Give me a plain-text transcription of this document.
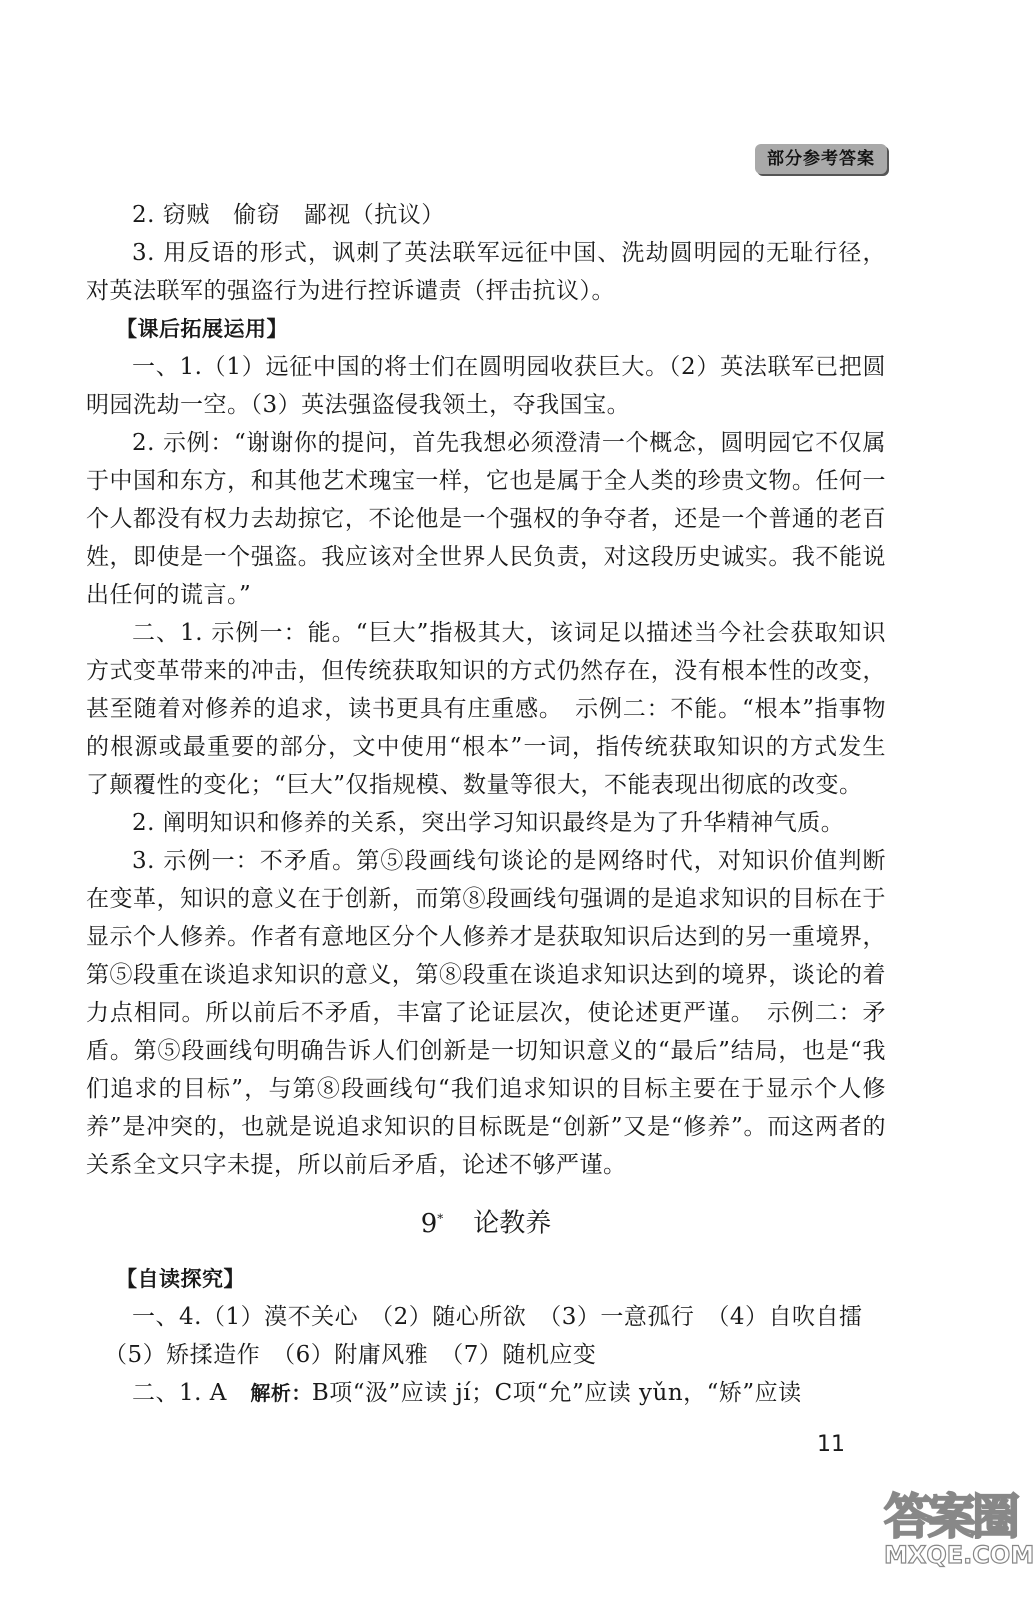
部分参考答案

2. 窃贼　偷窃　鄙视（抗议）

3. 用反语的形式，讽刺了英法联军远征中国、洗劫圆明园的无耻行径，对英法联军的强盗行为进行控诉谴责（抨击抗议）。

【课后拓展运用】

一、1.（1）远征中国的将士们在圆明园收获巨大。（2）英法联军已把圆明园洗劫一空。（3）英法强盗侵我领土，夺我国宝。

2. 示例：“谢谢你的提问，首先我想必须澄清一个概念，圆明园它不仅属于中国和东方，和其他艺术瑰宝一样，它也是属于全人类的珍贵文物。任何一个人都没有权力去劫掠它，不论他是一个强权的争夺者，还是一个普通的老百姓，即使是一个强盗。我应该对全世界人民负责，对这段历史诚实。我不能说出任何的谎言。”

二、1. 示例一：能。“巨大”指极其大，该词足以描述当今社会获取知识方式变革带来的冲击，但传统获取知识的方式仍然存在，没有根本性的改变，甚至随着对修养的追求，读书更具有庄重感。　示例二：不能。“根本”指事物的根源或最重要的部分，文中使用“根本”一词，指传统获取知识的方式发生了颠覆性的变化；“巨大”仅指规模、数量等很大，不能表现出彻底的改变。

2. 阐明知识和修养的关系，突出学习知识最终是为了升华精神气质。

3. 示例一：不矛盾。第⑤段画线句谈论的是网络时代，对知识价值判断在变革，知识的意义在于创新，而第⑧段画线句强调的是追求知识的目标在于显示个人修养。作者有意地区分个人修养才是获取知识后达到的另一重境界，第⑤段重在谈追求知识的意义，第⑧段重在谈追求知识达到的境界，谈论的着力点相同。所以前后不矛盾，丰富了论证层次，使论述更严谨。　示例二：矛盾。第⑤段画线句明确告诉人们创新是一切知识意义的“最后”结局，也是“我们追求的目标”，与第⑧段画线句“我们追求知识的目标主要在于显示个人修养”是冲突的，也就是说追求知识的目标既是“创新”又是“修养”。而这两者的关系全文只字未提，所以前后矛盾，论述不够严谨。

9* 论教养

【自读探究】

一、4.（1）漠不关心　（2）随心所欲　（3）一意孤行　（4）自吹自擂

（5）矫揉造作　（6）附庸风雅　（7）随机应变

二、1. A　解析：B项“汲”应读 jí；C项“允”应读 yǔn，“矫”应读

11
答案圈
MXQE.COM
